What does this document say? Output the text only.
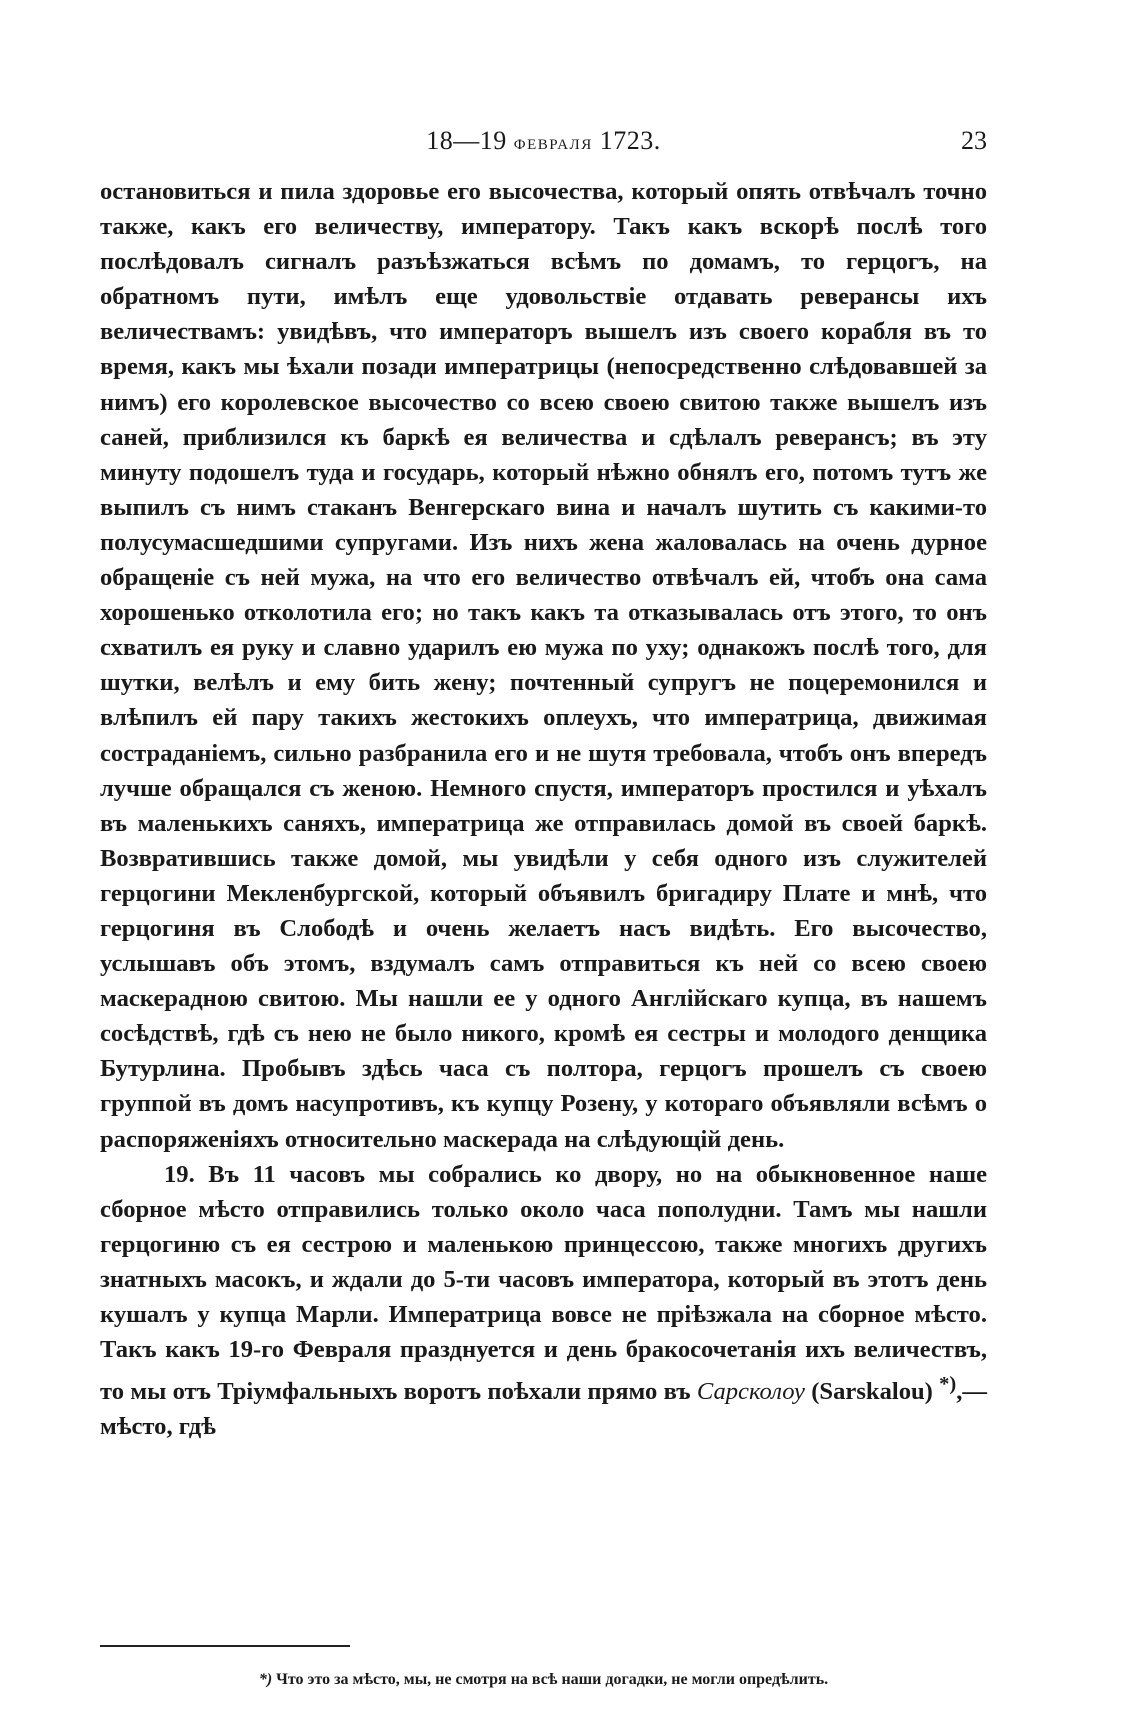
18—19 февраля 1723.	23

остановиться и пила здоровье его высочества, который опять отвѣчалъ точно также, какъ его величеству, императору. Такъ какъ вскорѣ послѣ того послѣдовалъ сигналъ разъѣзжаться всѣмъ по домамъ, то герцогъ, на обратномъ пути, имѣлъ еще удовольствіе отдавать реверансы ихъ величествамъ: увидѣвъ, что императоръ вышелъ изъ своего корабля въ то время, какъ мы ѣхали позади императрицы (непосредственно слѣдовавшей за нимъ) его королевское высочество со всею своею свитою также вышелъ изъ саней, приблизился къ баркѣ ея величества и сдѣлалъ реверансъ; въ эту минуту подошелъ туда и государь, который нѣжно обнялъ его, потомъ тутъ же выпилъ съ нимъ стаканъ Венгерскаго вина и началъ шутить съ какими-то полусумасшедшими супругами. Изъ нихъ жена жаловалась на очень дурное обращеніе съ ней мужа, на что его величество отвѣчалъ ей, чтобъ она сама хорошенько отколотила его; но такъ какъ та отказывалась отъ этого, то онъ схватилъ ея руку и славно ударилъ ею мужа по уху; однакожъ послѣ того, для шутки, велѣлъ и ему бить жену; почтенный супругъ не поцеремонился и влѣпилъ ей пару такихъ жестокихъ оплеухъ, что императрица, движимая состраданіемъ, сильно разбранила его и не шутя требовала, чтобъ онъ впередъ лучше обращался съ женою. Немного спустя, императоръ простился и уѣхалъ въ маленькихъ саняхъ, императрица же отправилась домой въ своей баркѣ. Возвратившись также домой, мы увидѣли у себя одного изъ служителей герцогини Мекленбургской, который объявилъ бригадиру Плате и мнѣ, что герцогиня въ Слободѣ и очень желаетъ насъ видѣть. Его высочество, услышавъ объ этомъ, вздумалъ самъ отправиться къ ней со всею своею маскерадною свитою. Мы нашли ее у одного Англійскаго купца, въ нашемъ сосѣдствѣ, гдѣ съ нею не было никого, кромѣ ея сестры и молодого денщика Бутурлина. Пробывъ здѣсь часа съ полтора, герцогъ прошелъ съ своею группой въ домъ насупротивъ, къ купцу Розену, у котораго объявляли всѣмъ о распоряженіяхъ относительно маскерада на слѣдующій день.

19. Въ 11 часовъ мы собрались ко двору, но на обыкновенное наше сборное мѣсто отправились только около часа пополудни. Тамъ мы нашли герцогиню съ ея сестрою и маленькою принцессою, также многихъ другихъ знатныхъ масокъ, и ждали до 5-ти часовъ императора, который въ этотъ день кушалъ у купца Марли. Императрица вовсе не пріѣзжала на сборное мѣсто. Такъ какъ 19-го Февраля празднуется и день бракосочетанія ихъ величествъ, то мы отъ Тріумфальныхъ воротъ поѣхали прямо въ Сарсколоу (Sarskalou) *),—мѣсто, гдѣ

*) Что это за мѣсто, мы, не смотря на всѣ наши догадки, не могли опредѣлить.
